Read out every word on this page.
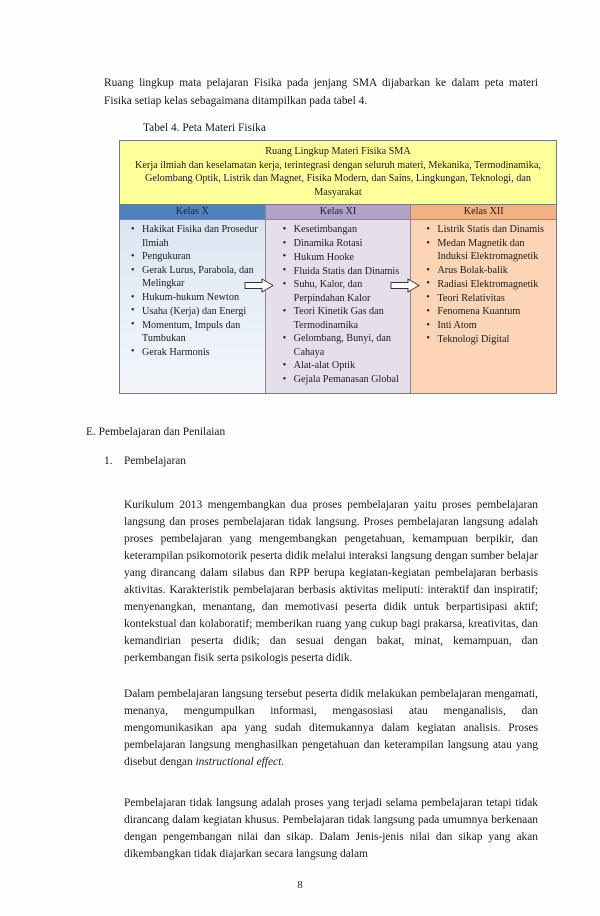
Ruang lingkup mata pelajaran Fisika pada jenjang SMA dijabarkan ke dalam peta materi Fisika setiap kelas sebagaimana ditampilkan pada tabel 4.

Tabel 4. Peta Materi Fisika
Ruang Lingkup Materi Fisika SMA
Kerja ilmiah dan keselamatan kerja, terintegrasi dengan seluruh materi, Mekanika, Termodinamika, Gelombang Optik, Listrik dan Magnet, Fisika Modern, dan Sains, Lingkungan, Teknologi, dan Masyarakat
Kelas X
• Hakikat Fisika dan Prosedur Ilmiah
• Pengukuran
• Gerak Lurus, Parabola, dan Melingkar
• Hukum-hukum Newton
• Usaha (Kerja) dan Energi
• Momentum, Impuls dan Tumbukan
• Gerak Harmonis
Kelas XI
• Kesetimbangan
• Dinamika Rotasi
• Hukum Hooke
• Fluida Statis dan Dinamis
• Suhu, Kalor, dan Perpindahan Kalor
• Teori Kinetik Gas dan Termodinamika
• Gelombang, Bunyi, dan Cahaya
• Alat-alat Optik
• Gejala Pemanasan Global
Kelas XII
• Listrik Statis dan Dinamis
• Medan Magnetik dan Induksi Elektromagnetik
• Arus Bolak-balik
• Radiasi Elektromagnetik
• Teori Relativitas
• Fenomena Kuantum
• Inti Atom
• Teknologi Digital
E. Pembelajaran dan Penilaian
1. Pembelajaran

Kurikulum 2013 mengembangkan dua proses pembelajaran yaitu proses pembelajaran langsung dan proses pembelajaran tidak langsung. Proses pembelajaran langsung adalah proses pembelajaran yang mengembangkan pengetahuan, kemampuan berpikir, dan keterampilan psikomotorik peserta didik melalui interaksi langsung dengan sumber belajar yang dirancang dalam silabus dan RPP berupa kegiatan-kegiatan pembelajaran berbasis aktivitas. Karakteristik pembelajaran berbasis aktivitas meliputi: interaktif dan inspiratif; menyenangkan, menantang, dan memotivasi peserta didik untuk berpartisipasi aktif; kontekstual dan kolaboratif; memberikan ruang yang cukup bagi prakarsa, kreativitas, dan kemandirian peserta didik; dan sesuai dengan bakat, minat, kemampuan, dan perkembangan fisik serta psikologis peserta didik.

Dalam pembelajaran langsung tersebut peserta didik melakukan pembelajaran mengamati, menanya, mengumpulkan informasi, mengasosiasi atau menganalisis, dan mengomunikasikan apa yang sudah ditemukannya dalam kegiatan analisis. Proses pembelajaran langsung menghasilkan pengetahuan dan keterampilan langsung atau yang disebut dengan instructional effect.

Pembelajaran tidak langsung adalah proses yang terjadi selama pembelajaran tetapi tidak dirancang dalam kegiatan khusus. Pembelajaran tidak langsung pada umumnya berkenaan dengan pengembangan nilai dan sikap. Dalam Jenis-jenis nilai dan sikap yang akan dikembangkan tidak diajarkan secara langsung dalam

8
